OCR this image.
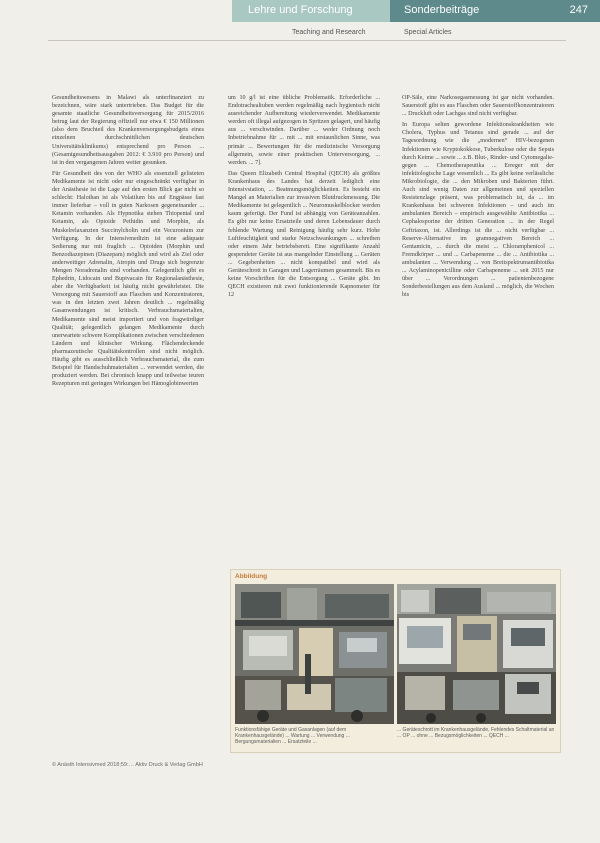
Lehre und Forschung	Sonderbeiträge	247
Teaching and Research	Special Articles

Gesundheitswesens in Malawi als unterfinanziert zu bezeichnen, wäre stark untertrieben. Das Budget für die gesamte staatliche Gesundheitsversorgung für 2015/2016 betrug laut der Regierung offiziell nur etwa € 150 Millionen (also dem Bruchteil des Krankenversorgungsbudgets eines einzelnen durchschnittlichen deutschen Universitätsklinikums) entsprechend pro Person ... (Gesamtgesundheitsausgaben 2012: € 3.910 pro Person) und ist in den vergangenen Jahren weiter gesunken.

Für Gesundheit des von der WHO als essenziell gelisteten Medikamente ist nicht oder nur eingeschränkt verfügbar in der Anästhesie ist die Lage auf den ersten Blick gar nicht so schlecht: Halothan ist als Volatilum bis auf Engpässe fast immer lieferbar – voll in guten Narkosen gegeneinander ... Ketamin vorhanden. Als Hypnotika stehen Thiopental und Ketamin, als Opioide Pethidin und Morphin, als Muskelrelaxanzien Succinylcholin und ein Vecuronium zur Verfügung. In der Intensivmedizin ist eine adäquate Sedierung nur mit fraglich ... Opioiden (Morphin und Benzodiazepinen (Diazepam) möglich und wird als Ziel oder anderweitiger Adrenalin, Atropin und Drugs sich begrenzte Mengen Noradrenalin sind vorhanden. Gelegentlich gibt es Ephedrin, Lidocain und Bupivacain für Regionalanästhesie, aber die Verfügbarkeit ist häufig nicht gewährleistet. Die Versorgung mit Sauerstoff aus Flaschen und Konzentratoren, was in den letzten zwei Jahren deutlich ... regelmäßig Gasanwendungen ist kritisch. Verbrauchsmaterialien, Medikamente sind meist importiert und von fragwürdiger Qualität; gelegentlich gelangen Medikamente durch unerwartete schwere Komplikationen zwischen verschiedenen Ländern und klinischer Wirkung. Flächendeckende pharmazeutische Qualitätskontrollen sind nicht möglich. Häufig gibt es ausschließlich Verbrauchsmaterial, die zum Beispiel für Handschuhmaterialien ... verwendet werden, die produziert werden. Bei chronisch knapp und teilweise teuren Rezepturen mit geringen Wirkungen bei Hämoglobinwerten

um 10 g/l ist eine übliche Problematik. Erforderliche ... Endotrachealtuben werden regelmäßig nach hygienisch nicht ausreichender Aufbereitung wiederverwendet. Medikamente werden oft illegal aufgezogen in Spritzen gelagert, und häufig aus ... verschwinden. Darüber ... weder Ordnung noch Inbetriebnahme für ... mit ... mit erstaunlichen Sinne, was primär ... Bewertungen für die medizinische Versorgung allgemein, sowie einer praktischen Unterversorgung, ... werden. ... 7].

Das Queen Elizabeth Central Hospital (QECH) als größtes Krankenhaus des Landes hat derzeit lediglich eine Intensivstation, ... Beatmungsmöglichkeiten. Es besteht ein Mangel an Materialien zur invasiven Blutdruckmessung. Die Medikamente ist gelegentlich ... Neuromuskelblocker werden kaum gefertigt. Der Fund ist abhängig von Geräteanzahlen. Es gibt nur keine Ersatzteile und deren Lebensdauer durch fehlende Wartung und Reinigung häufig sehr kurz. Hohe Luftfeuchtigkeit und starke Netzschwankungen ... schreiben oder einem Jahr betriebsbereit. Eine signifikante Anzahl gespendeter Geräte ist aus mangelnder Einstellung ... Geräten ... Gegebenheiten ... nicht kompatibel und wird als Geräteschrott in Garagen und Lagerräumen gesammelt. Bis es keine Vorschriften für die Entsorgung ... Geräte gibt. Im QECH existieren mit zwei funktionierende Kapnometer für 12

OP-Säle, eine Narkosegasmessung ist gar nicht vorhanden. Sauerstoff gibt es aus Flaschen oder Sauerstoffkonzentratoren ... Druckluft oder Lachgas sind nicht verfügbar.

In Europa selten gewordene Infektionskrankheiten wie Cholera, Typhus und Tetanus sind gerade ... auf der Tagesordnung wie die „modernen“ HIV-bezogenen Infektionen wie Kryptokokkose, Tuberkulose oder die Sepsis durch Keime ... sowie ... z.B. Blut-, Rinder- und Cytomegalie- gegen ... Chemotherapeutika ... Erreger mit der infektiologische Lage wesentlich ... Es gibt keine verlässliche Mikrobiologie, die ... den Mikroben und Bakterien führt. Auch sind wenig Daten zur allgemeinen und speziellen Resistenzlage präsent, was problematisch ist, da ... im Krankenhaus bei schweren Infektionen – und auch im ambulanten Bereich – empirisch ausgewählte Antibiotika ... Cephalosporine der dritten Generation ... in der Regel Ceftriaxon, ist. Allerdings ist die ... nicht verfügbar ... Reserve-Alternative im gramnegativen Bereich ... Gentamicin, ... durch die meist ... Chloramphenicol ... Fremdkörper ... und ... Carbapeneme ... die ... Antibiotika ... ambulanten ... Verwendung ... von Breitspektrumantibiotika ... Acylaminopenicilline oder Carbapeneme ... seit 2015 nur über ... Verordnungen ... patientenbezogene Sonderbestellungen aus dem Ausland ... möglich, die Wochen bis

Abbildung
Funktionsfähige Geräte und Gasanlagen (auf dem Krankenhausgelände) ... Wartung ... Verwendung ... Bergungsmaterialien ... Ersatzteile ...
... Geräteschrott im Krankenhausgelände, Fehlendes Schaltmaterial an ... OP ... ohne ... Bezugsmöglichkeiten ... QECH ...
© Anästh Intensivmed 2018;59:… Aktiv Druck & Verlag GmbH
